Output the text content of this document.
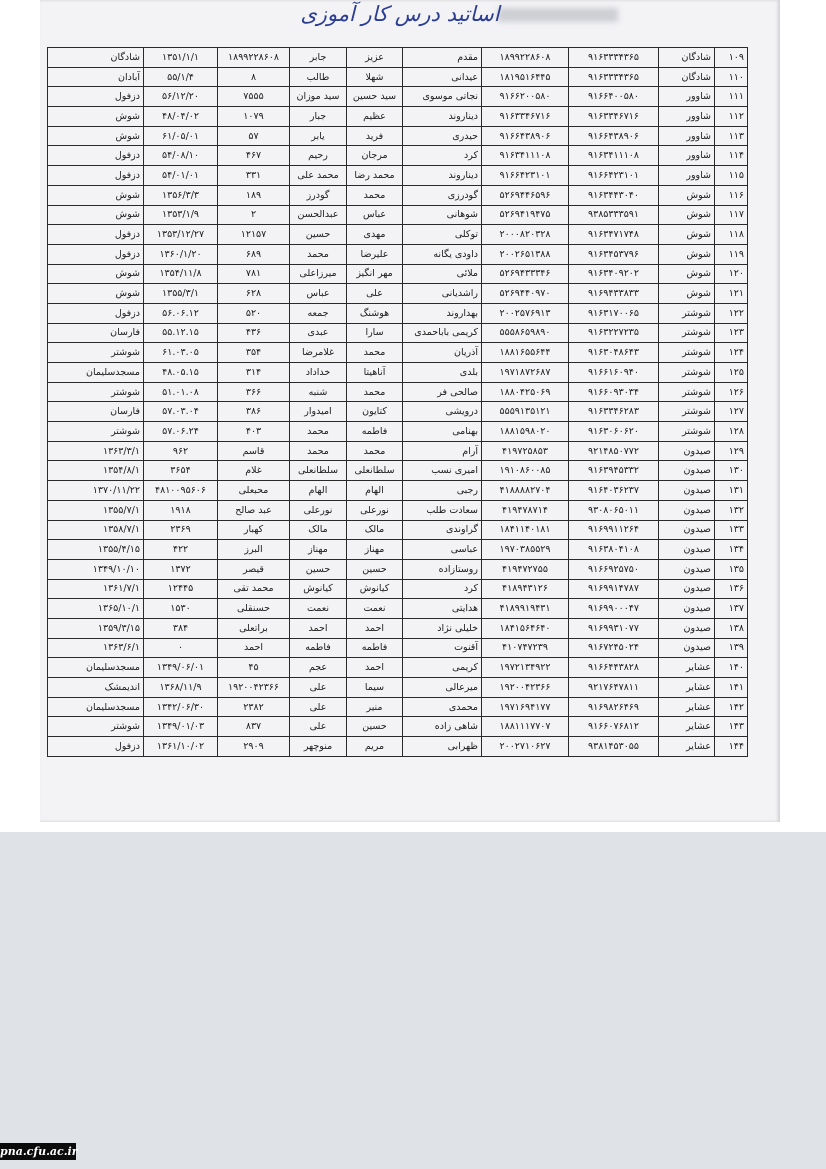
اساتید درس کار آموزی
۱۰۹	شادگان	۹۱۶۳۳۳۴۳۶۵	۱۸۹۹۲۲۸۶۰۸	مقدم	عزیز	جابر	۱۸۹۹۲۲۸۶۰۸	۱۳۵۱/۱/۱	شادگان
۱۱۰	شادگان	۹۱۶۳۳۳۴۳۶۵	۱۸۱۹۵۱۶۴۴۵	عیدانی	شهلا	طالب	۸	۵۵/۱/۴	آبادان
۱۱۱	شاوور	۹۱۶۶۴۰۰۵۸۰	۹۱۶۶۲۰۰۵۸۰	نجاتی موسوی	سید حسین	سید موزان	۷۵۵۵	۵۶/۱۲/۲۰	دزفول
۱۱۲	شاوور	۹۱۶۳۳۴۶۷۱۶	۹۱۶۳۳۴۶۷۱۶	دیناروند	عظیم	جبار	۱۰۷۹	۴۸/۰۴/۰۲	شوش
۱۱۳	شاوور	۹۱۶۶۴۳۸۹۰۶	۹۱۶۶۴۳۸۹۰۶	حیدری	فرید	یابر	۵۷	۶۱/۰۵/۰۱	شوش
۱۱۴	شاوور	۹۱۶۳۴۱۱۱۰۸	۹۱۶۳۴۱۱۱۰۸	کرد	مرجان	رحیم	۴۶۷	۵۴/۰۸/۱۰	دزفول
۱۱۵	شاوور	۹۱۶۶۴۲۳۱۰۱	۹۱۶۶۴۲۳۱۰۱	دیناروند	محمد رضا	محمد علی	۳۳۱	۵۴/۰۱/۰۱	دزفول
۱۱۶	شوش	۹۱۶۳۴۴۳۰۴۰	۵۲۶۹۴۴۶۵۹۶	گودرزی	محمد	گودرز	۱۸۹	۱۳۵۶/۳/۳	شوش
۱۱۷	شوش	۹۳۸۵۳۳۳۵۹۱	۵۲۶۹۴۱۹۴۷۵	شوهانی	عباس	عبدالحسن	۲	۱۳۵۳/۱/۹	شوش
۱۱۸	شوش	۹۱۶۳۴۷۱۷۴۸	۲۰۰۰۸۲۰۳۲۸	توکلی	مهدی	حسین	۱۲۱۵۷	۱۳۵۳/۱۲/۲۷	دزفول
۱۱۹	شوش	۹۱۶۳۴۵۳۷۹۶	۲۰۰۲۶۵۱۳۸۸	داودی یگانه	علیرضا	محمد	۶۸۹	۱۳۶۰/۱/۲۰	دزفول
۱۲۰	شوش	۹۱۶۳۴۰۹۲۰۲	۵۲۶۹۴۳۳۳۴۶	ملائی	مهر انگیز	میرزاعلی	۷۸۱	۱۳۵۴/۱۱/۸	شوش
۱۲۱	شوش	۹۱۶۹۴۳۳۸۳۳	۵۲۶۹۴۴۰۹۷۰	راشدیانی	علی	عباس	۶۲۸	۱۳۵۵/۳/۱	شوش
۱۲۲	شوشتر	۹۱۶۳۱۷۰۰۶۵	۲۰۰۲۵۷۶۹۱۳	بهداروند	هوشنگ	جمعه	۵۲۰	۵۶.۰۶.۱۲	دزفول
۱۲۳	شوشتر	۹۱۶۳۲۲۷۲۳۵	۵۵۵۸۶۵۹۸۹۰	کریمی باباحمدی	سارا	عبدی	۴۳۶	۵۵.۱۲.۱۵	فارسان
۱۲۴	شوشتر	۹۱۶۳۰۴۸۶۴۳	۱۸۸۱۶۵۵۶۴۴	آذریان	محمد	غلامرضا	۳۵۴	۶۱.۰۳.۰۵	شوشتر
۱۲۵	شوشتر	۹۱۶۶۱۶۰۹۴۰	۱۹۷۱۸۷۲۶۸۷	بلدی	آناهیتا	خداداد	۳۱۴	۴۸.۰۵.۱۵	مسجدسلیمان
۱۲۶	شوشتر	۹۱۶۶۰۹۳۰۳۴	۱۸۸۰۴۲۵۰۶۹	صالحی فر	محمد	شنبه	۳۶۶	۵۱.۰۱.۰۸	شوشتر
۱۲۷	شوشتر	۹۱۶۳۳۴۶۲۸۳	۵۵۵۹۱۳۵۱۲۱	درویشی	کتایون	امیدوار	۳۸۶	۵۷.۰۳.۰۴	فارسان
۱۲۸	شوشتر	۹۱۶۳۰۶۰۶۲۰	۱۸۸۱۵۹۸۰۲۰	بهنامی	فاطمه	محمد	۴۰۳	۵۷.۰۶.۲۴	شوشتر
۱۲۹	صیدون	۹۲۱۴۸۵۰۷۷۲	۴۱۹۷۲۵۸۵۳	آرام	محمد	محمد	قاسم	۹۶۲	۱۳۶۳/۳/۱
۱۳۰	صیدون	۹۱۶۳۹۴۵۳۳۲	۱۹۱۰۸۶۰۰۸۵	امیری نسب	سلطانعلی	سلطانعلی	غلام	۳۶۵۴	۱۳۵۴/۸/۱
۱۳۱	صیدون	۹۱۶۴۰۳۶۲۳۷	۴۱۸۸۸۸۲۷۰۴	رجبی	الهام	الهام	محبعلی	۴۸۱۰۰۹۵۶۰۶	۱۳۷۰/۱۱/۲۲
۱۳۲	صیدون	۹۳۰۸۰۶۵۰۱۱	۴۱۹۴۷۸۷۱۴	سعادت طلب	نورعلی	نورعلی	عبد صالح	۱۹۱۸	۱۳۵۵/۷/۱
۱۳۳	صیدون	۹۱۶۹۹۱۱۲۶۴	۱۸۴۱۱۴۰۱۸۱	گراوندی	مالک	مالک	کهبار	۲۳۶۹	۱۳۵۸/۷/۱
۱۳۴	صیدون	۹۱۶۳۸۰۴۱۰۸	۱۹۷۰۳۸۵۵۲۹	عباسی	مهناز	مهناز	البرز	۴۲۲	۱۳۵۵/۴/۱۵
۱۳۵	صیدون	۹۱۶۶۹۲۵۷۵۰	۴۱۹۴۷۲۷۵۵	روستازاده	حسین	حسین	قیصر	۱۳۷۲	۱۳۴۹/۱۰/۱۰
۱۳۶	صیدون	۹۱۶۹۹۱۴۷۸۷	۴۱۸۹۴۳۱۲۶	کرد	کیانوش	کیانوش	محمد تقی	۱۲۴۴۵	۱۳۶۱/۷/۱
۱۳۷	صیدون	۹۱۶۹۹۰۰۰۴۷	۴۱۸۹۹۱۹۴۳۱	هدایتی	نعمت	نعمت	حسنقلی	۱۵۳۰	۱۳۶۵/۱۰/۱
۱۳۸	صیدون	۹۱۶۹۹۳۱۰۷۷	۱۸۴۱۵۶۴۶۴۰	خلیلی نژاد	احمد	احمد	براتعلی	۳۸۴	۱۳۵۹/۳/۱۵
۱۳۹	صیدون	۹۱۶۷۲۴۵۰۲۴	۴۱۰۷۴۷۲۳۹	آقنوت	فاطمه	فاطمه	احمد	۰	۱۳۶۳/۶/۱
۱۴۰	عشایر	۹۱۶۶۴۴۳۸۲۸	۱۹۷۲۱۳۴۹۲۲	کریمی	احمد	عجم	۴۵	۱۳۴۹/۰۶/۰۱	مسجدسلیمان
۱۴۱	عشایر	۹۲۱۷۶۴۷۸۱۱	۱۹۲۰۰۴۲۳۶۶	میرعالی	سیما	علی	۱۹۲۰۰۴۲۳۶۶	۱۳۶۸/۱۱/۹	اندیمشک
۱۴۲	عشایر	۹۱۶۹۸۲۶۴۶۹	۱۹۷۱۶۹۴۱۷۷	محمدی	منیر	علی	۲۳۸۲	۱۳۴۲/۰۶/۳۰	مسجدسلیمان
۱۴۳	عشایر	۹۱۶۶۰۷۶۸۱۲	۱۸۸۱۱۱۷۷۰۷	شاهی زاده	حسین	علی	۸۳۷	۱۳۴۹/۰۱/۰۳	شوشتر
۱۴۴	عشایر	۹۳۸۱۴۵۳۰۵۵	۲۰۰۲۷۱۰۶۲۷	ظهرابی	مریم	منوچهر	۲۹۰۹	۱۳۶۱/۱۰/۰۲	دزفول
pna.cfu.ac.ir
